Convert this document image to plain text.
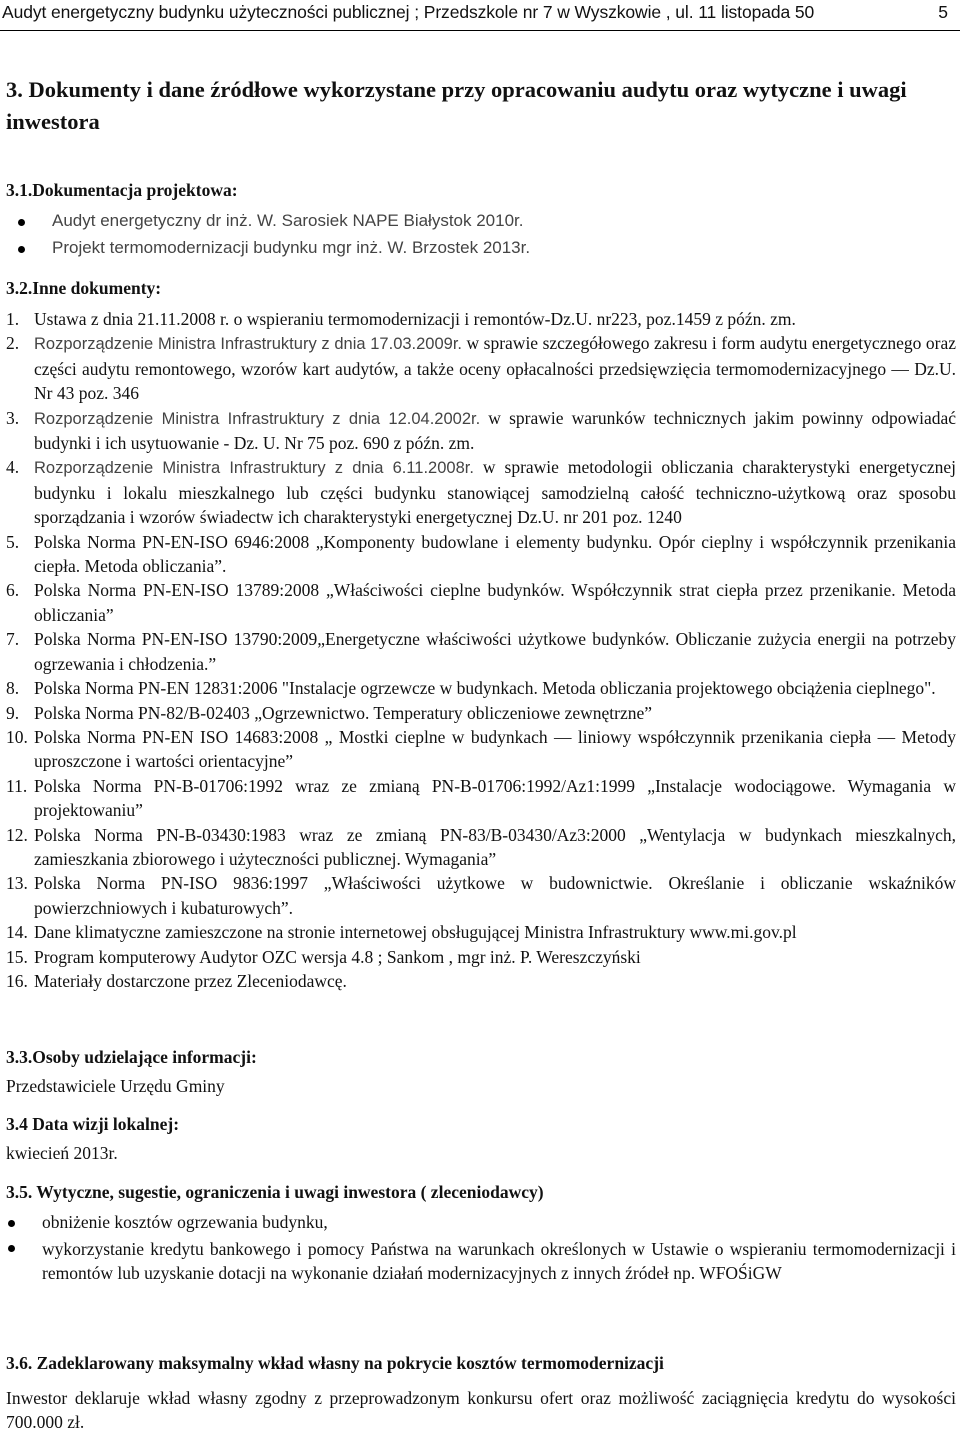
Audyt energetyczny budynku użyteczności publicznej ; Przedszkole nr 7 w Wyszkowie , ul. 11 listopada 50	5
3. Dokumenty i dane źródłowe wykorzystane przy opracowaniu audytu oraz wytyczne i uwagi inwestora
3.1.Dokumentacja projektowa:
Audyt energetyczny dr inż. W. Sarosiek NAPE Białystok 2010r.
Projekt termomodernizacji budynku mgr inż. W. Brzostek 2013r.
3.2.Inne dokumenty:
1. Ustawa z dnia 21.11.2008 r. o wspieraniu termomodernizacji i remontów-Dz.U. nr223, poz.1459 z późn. zm.
2. Rozporządzenie Ministra Infrastruktury z dnia 17.03.2009r. w sprawie szczegółowego zakresu i form audytu energetycznego oraz części audytu remontowego, wzorów kart audytów, a także oceny opłacalności przedsięwzięcia termomodernizacyjnego ― Dz.U. Nr 43 poz. 346
3. Rozporządzenie Ministra Infrastruktury z dnia 12.04.2002r. w sprawie warunków technicznych jakim powinny odpowiadać budynki i ich usytuowanie - Dz. U. Nr 75 poz. 690 z późn. zm.
4. Rozporządzenie Ministra Infrastruktury z dnia 6.11.2008r. w sprawie metodologii obliczania charakterystyki energetycznej budynku i lokalu mieszkalnego lub części budynku stanowiącej samodzielną całość techniczno-użytkową oraz sposobu sporządzania i wzorów świadectw ich charakterystyki energetycznej Dz.U. nr 201 poz. 1240
5. Polska Norma PN-EN-ISO 6946:2008 „Komponenty budowlane i elementy budynku. Opór cieplny i współczynnik przenikania ciepła. Metoda obliczania”.
6. Polska Norma PN-EN-ISO 13789:2008 „Właściwości cieplne budynków. Współczynnik strat ciepła przez przenikanie. Metoda obliczania”
7. Polska Norma PN-EN-ISO 13790:2009„Energetyczne właściwości użytkowe budynków. Obliczanie zużycia energii na potrzeby ogrzewania i chłodzenia.”
8. Polska Norma PN-EN 12831:2006 "Instalacje ogrzewcze w budynkach. Metoda obliczania projektowego obciążenia cieplnego".
9. Polska Norma PN-82/B-02403 „Ogrzewnictwo. Temperatury obliczeniowe zewnętrzne”
10. Polska Norma PN-EN ISO 14683:2008 „ Mostki cieplne w budynkach ― liniowy współczynnik przenikania ciepła ― Metody uproszczone i wartości orientacyjne”
11. Polska Norma PN-B-01706:1992 wraz ze zmianą PN-B-01706:1992/Az1:1999 „Instalacje wodociągowe. Wymagania w projektowaniu”
12. Polska Norma PN-B-03430:1983 wraz ze zmianą PN-83/B-03430/Az3:2000 „Wentylacja w budynkach mieszkalnych, zamieszkania zbiorowego i użyteczności publicznej. Wymagania”
13. Polska Norma PN-ISO 9836:1997 „Właściwości użytkowe w budownictwie. Określanie i obliczanie wskaźników powierzchniowych i kubaturowych”.
14. Dane klimatyczne zamieszczone na stronie internetowej obsługującej Ministra Infrastruktury www.mi.gov.pl
15. Program komputerowy Audytor OZC wersja 4.8 ; Sankom , mgr inż. P. Wereszczyński
16. Materiały dostarczone przez Zleceniodawcę.
3.3.Osoby udzielające informacji:
Przedstawiciele Urzędu Gminy
3.4 Data wizji lokalnej:
kwiecień 2013r.
3.5. Wytyczne, sugestie, ograniczenia i uwagi inwestora ( zleceniodawcy)
obniżenie kosztów ogrzewania budynku,
wykorzystanie kredytu bankowego i pomocy Państwa na warunkach określonych w Ustawie o wspieraniu termomodernizacji i remontów lub uzyskanie dotacji na wykonanie działań modernizacyjnych z innych źródeł np. WFOŚiGW
3.6. Zadeklarowany maksymalny wkład własny na pokrycie kosztów termomodernizacji
Inwestor deklaruje wkład własny zgodny z przeprowadzonym konkursu ofert oraz możliwość zaciągnięcia kredytu do wysokości 700.000 zł.
